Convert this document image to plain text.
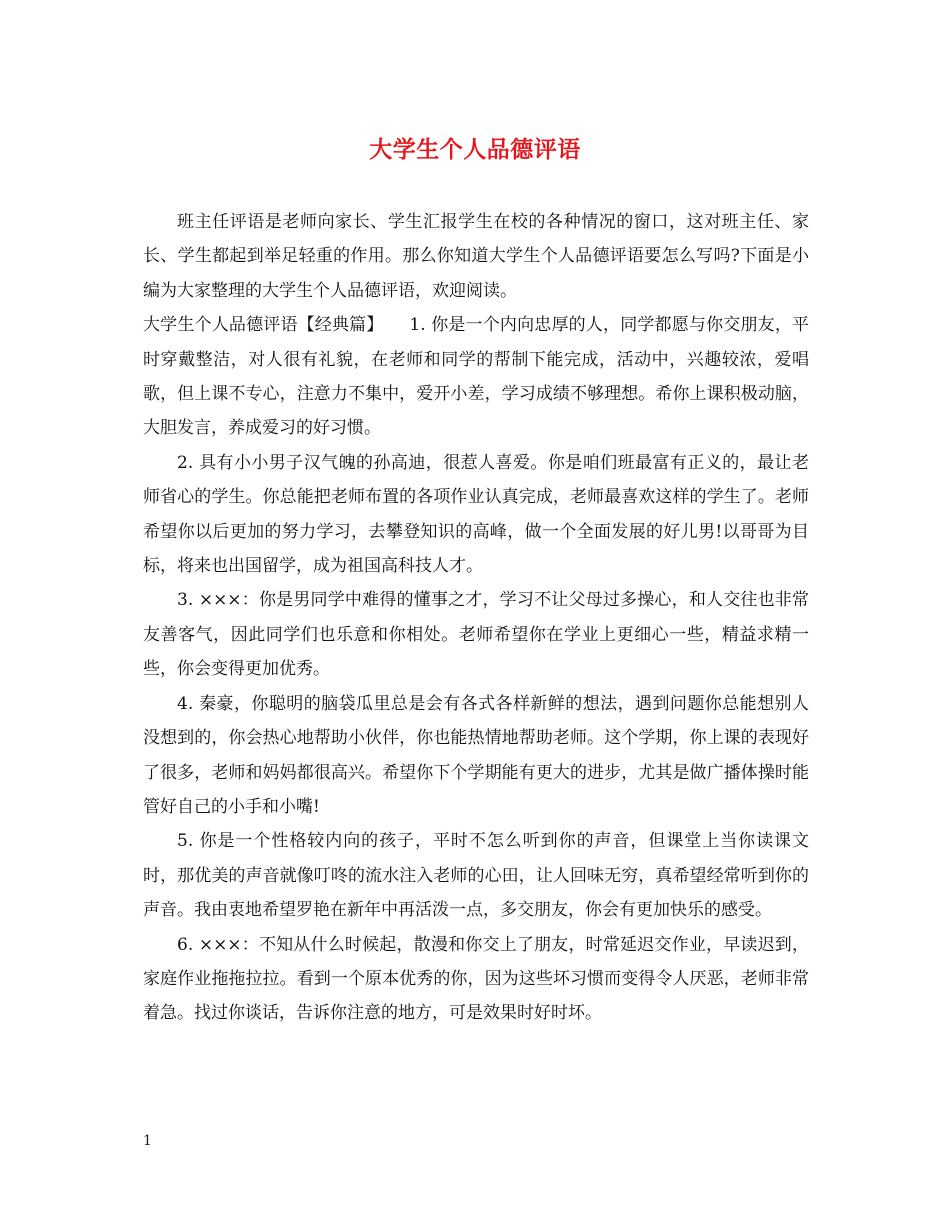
大学生个人品德评语

班主任评语是老师向家长、学生汇报学生在校的各种情况的窗口，这对班主任、家长、学生都起到举足轻重的作用。那么你知道大学生个人品德评语要怎么写吗?下面是小编为大家整理的大学生个人品德评语，欢迎阅读。

大学生个人品德评语【经典篇】　　1. 你是一个内向忠厚的人，同学都愿与你交朋友，平时穿戴整洁，对人很有礼貌，在老师和同学的帮制下能完成，活动中，兴趣较浓，爱唱歌，但上课不专心，注意力不集中，爱开小差，学习成绩不够理想。希你上课积极动脑，大胆发言，养成爱习的好习惯。

2. 具有小小男子汉气魄的孙高迪，很惹人喜爱。你是咱们班最富有正义的，最让老师省心的学生。你总能把老师布置的各项作业认真完成，老师最喜欢这样的学生了。老师希望你以后更加的努力学习，去攀登知识的高峰，做一个全面发展的好儿男!以哥哥为目标，将来也出国留学，成为祖国高科技人才。

3. ×××：你是男同学中难得的懂事之才，学习不让父母过多操心，和人交往也非常友善客气，因此同学们也乐意和你相处。老师希望你在学业上更细心一些，精益求精一些，你会变得更加优秀。

4. 秦豪，你聪明的脑袋瓜里总是会有各式各样新鲜的想法，遇到问题你总能想别人没想到的，你会热心地帮助小伙伴，你也能热情地帮助老师。这个学期，你上课的表现好了很多，老师和妈妈都很高兴。希望你下个学期能有更大的进步，尤其是做广播体操时能管好自己的小手和小嘴!

5. 你是一个性格较内向的孩子，平时不怎么听到你的声音，但课堂上当你读课文时，那优美的声音就像叮咚的流水注入老师的心田，让人回味无穷，真希望经常听到你的声音。我由衷地希望罗艳在新年中再活泼一点，多交朋友，你会有更加快乐的感受。

6. ×××：不知从什么时候起，散漫和你交上了朋友，时常延迟交作业，早读迟到，家庭作业拖拖拉拉。看到一个原本优秀的你，因为这些坏习惯而变得令人厌恶，老师非常着急。找过你谈话，告诉你注意的地方，可是效果时好时坏。

1
